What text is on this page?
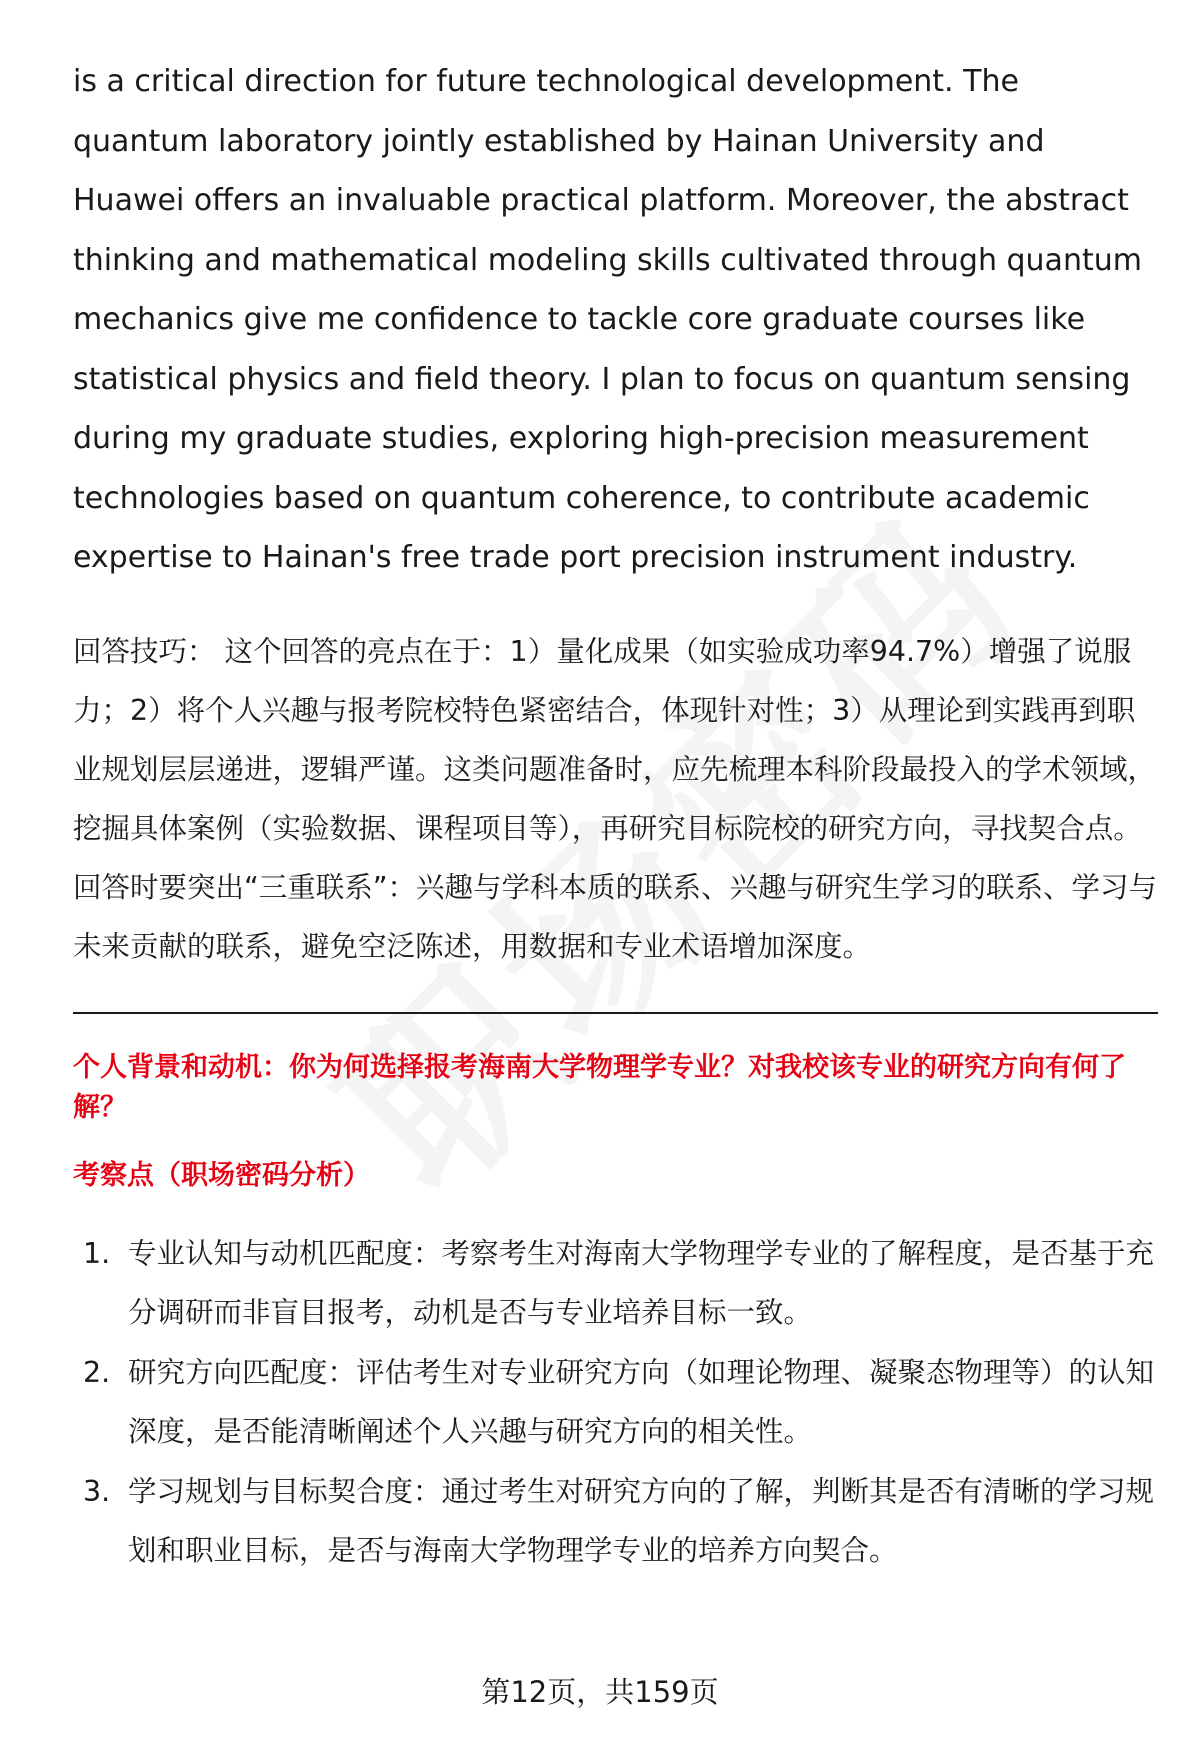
is a critical direction for future technological development. The quantum laboratory jointly established by Hainan University and Huawei offers an invaluable practical platform. Moreover, the abstract thinking and mathematical modeling skills cultivated through quantum mechanics give me confidence to tackle core graduate courses like statistical physics and field theory. I plan to focus on quantum sensing during my graduate studies, exploring high-precision measurement technologies based on quantum coherence, to contribute academic expertise to Hainan's free trade port precision instrument industry.

回答技巧： 这个回答的亮点在于：1）量化成果（如实验成功率94.7%）增强了说服力；2）将个人兴趣与报考院校特色紧密结合，体现针对性；3）从理论到实践再到职业规划层层递进，逻辑严谨。这类问题准备时，应先梳理本科阶段最投入的学术领域，挖掘具体案例（实验数据、课程项目等），再研究目标院校的研究方向，寻找契合点。回答时要突出“三重联系”：兴趣与学科本质的联系、兴趣与研究生学习的联系、学习与未来贡献的联系，避免空泛陈述，用数据和专业术语增加深度。

个人背景和动机：你为何选择报考海南大学物理学专业？对我校该专业的研究方向有何了解？
考察点（职场密码分析）
1. 专业认知与动机匹配度：考察考生对海南大学物理学专业的了解程度，是否基于充分调研而非盲目报考，动机是否与专业培养目标一致。
2. 研究方向匹配度：评估考生对专业研究方向（如理论物理、凝聚态物理等）的认知深度，是否能清晰阐述个人兴趣与研究方向的相关性。
3. 学习规划与目标契合度：通过考生对研究方向的了解，判断其是否有清晰的学习规划和职业目标，是否与海南大学物理学专业的培养方向契合。
第12页，共159页
